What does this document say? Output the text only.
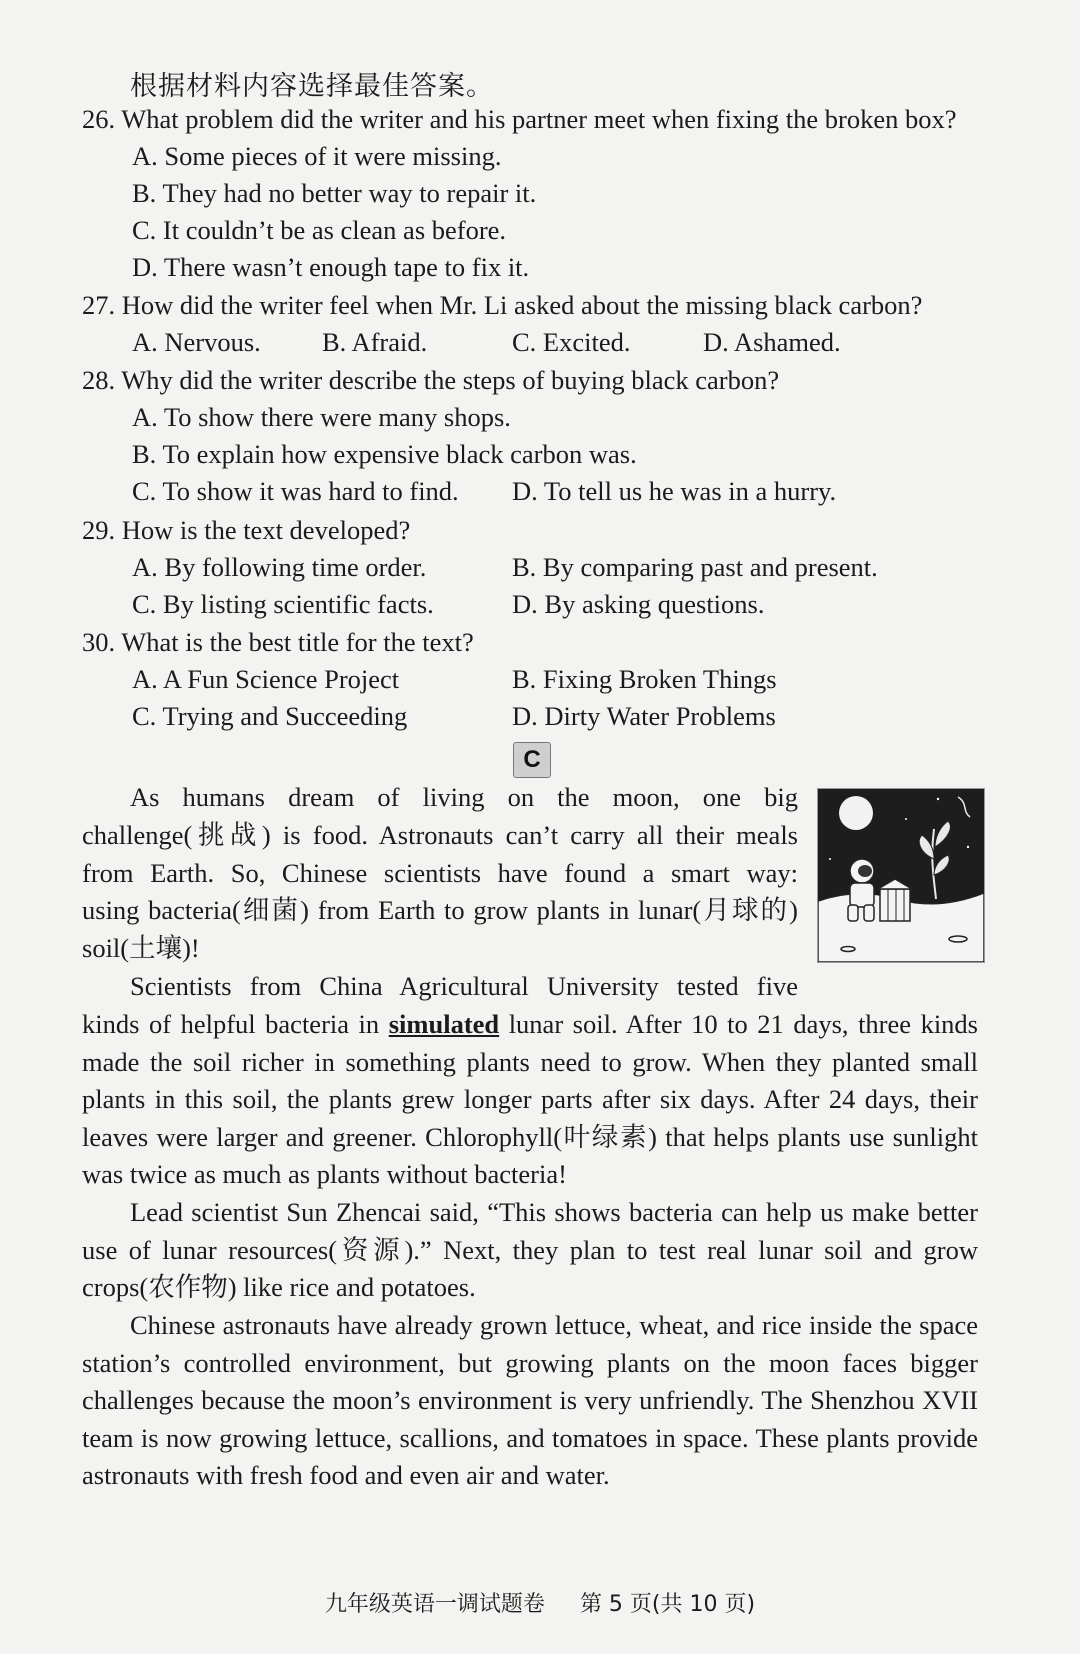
根据材料内容选择最佳答案。
26. What problem did the writer and his partner meet when fixing the broken box?
A. Some pieces of it were missing.
B. They had no better way to repair it.
C. It couldn’t be as clean as before.
D. There wasn’t enough tape to fix it.
27. How did the writer feel when Mr. Li asked about the missing black carbon?
A. Nervous. B. Afraid.	C. Excited.	D. Ashamed.
28. Why did the writer describe the steps of buying black carbon?
A. To show there were many shops.
B. To explain how expensive black carbon was.
C. To show it was hard to find. D. To tell us he was in a hurry.
29. How is the text developed?
A. By following time order.	B. By comparing past and present.
C. By listing scientific facts.	D. By asking questions.
30. What is the best title for the text?
A. A Fun Science Project	B. Fixing Broken Things
C. Trying and Succeeding	D. Dirty Water Problems
C
As humans dream of living on the moon, one big
challenge(挑战) is food. Astronauts can’t carry all their meals
from Earth. So, Chinese scientists have found a smart way:
using bacteria(细菌) from Earth to grow plants in lunar(月球的)
soil(土壤)!
Scientists from China Agricultural University tested five

kinds of helpful bacteria in simulated lunar soil. After 10 to 21 days, three kinds made the soil richer in something plants need to grow. When they planted small plants in this soil, the plants grew longer parts after six days. After 24 days, their leaves were larger and greener. Chlorophyll(叶绿素) that helps plants use sunlight was twice as much as plants without bacteria!

Lead scientist Sun Zhencai said, “This shows bacteria can help us make better use of lunar resources(资源).” Next, they plan to test real lunar soil and grow crops(农作物) like rice and potatoes.

Chinese astronauts have already grown lettuce, wheat, and rice inside the space station’s controlled environment, but growing plants on the moon faces bigger challenges because the moon’s environment is very unfriendly. The Shenzhou XVII team is now growing lettuce, scallions, and tomatoes in space. These plants provide astronauts with fresh food and even air and water.

九年级英语一调试题卷 第 5 页(共 10 页)
